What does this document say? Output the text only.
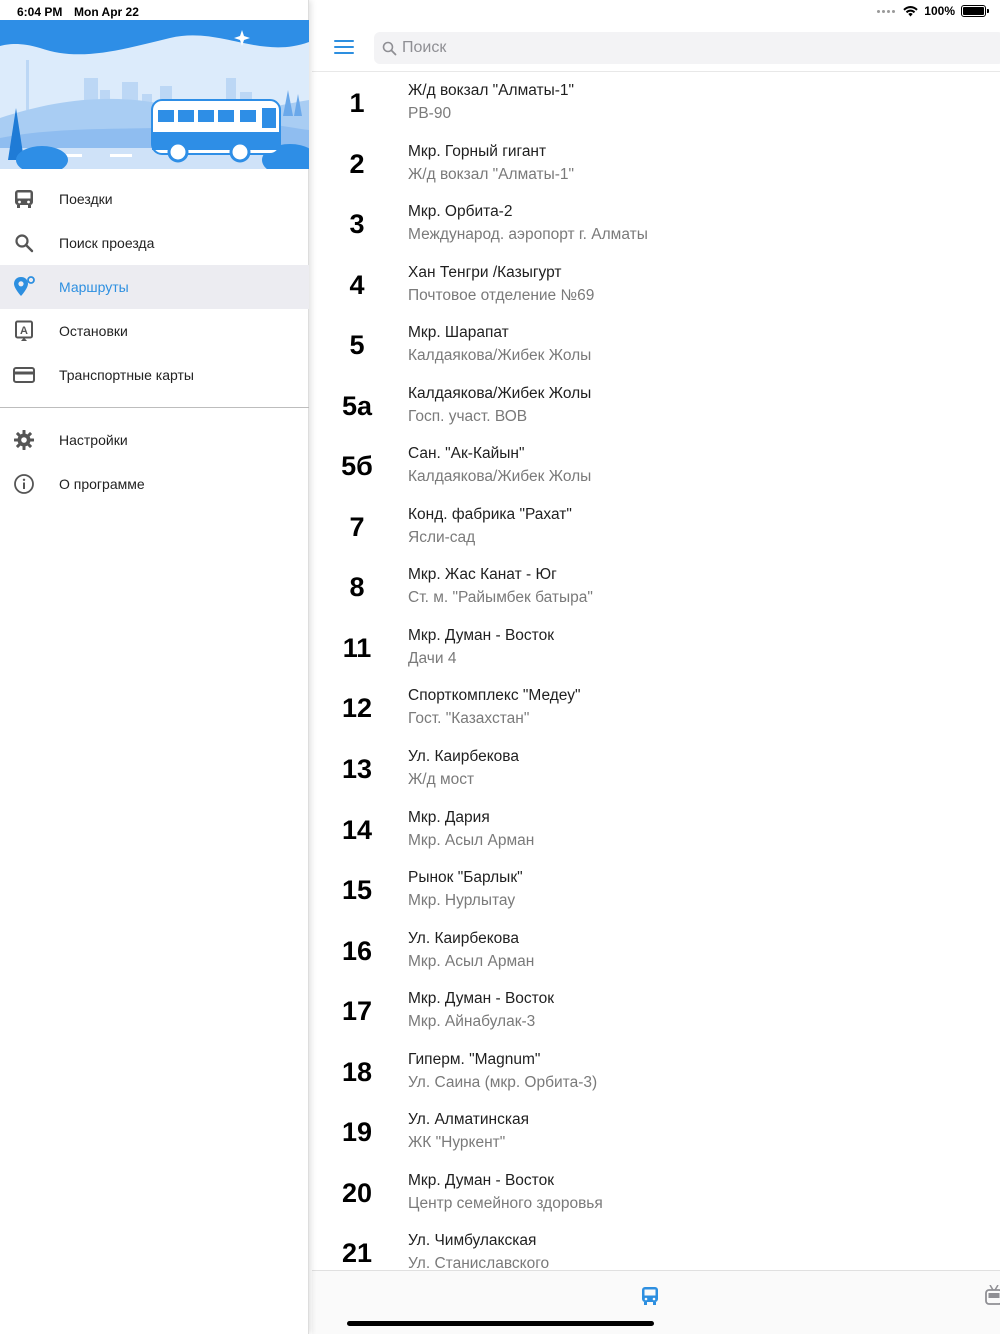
6:04 PM Mon Apr 22	100%
Поездки
Поиск проезда
Маршруты
A Остановки
Транспортные карты
Настройки
О программе
Поиск
1	Ж/д вокзал "Алматы-1"
РВ-90
2	Мкр. Горный гигант
Ж/д вокзал "Алматы-1"
3	Мкр. Орбита-2
Международ. аэропорт г. Алматы
4	Хан Тенгри /Казыгурт
Почтовое отделение №69
5	Мкр. Шарапат
Калдаякова/Жибек Жолы
5а	Калдаякова/Жибек Жолы
Госп. участ. ВОВ
5б	Сан. "Ак-Кайын"
Калдаякова/Жибек Жолы
7	Конд. фабрика "Рахат"
Ясли-сад
8	Мкр. Жас Канат - Юг
Ст. м. "Райымбек батыра"
11	Мкр. Думан - Восток
Дачи 4
12	Спорткомплекс "Медеу"
Гост. "Казахстан"
13	Ул. Каирбекова
Ж/д мост
14	Мкр. Дария
Мкр. Асыл Арман
15	Рынок "Барлык"
Мкр. Нурлытау
16	Ул. Каирбекова
Мкр. Асыл Арман
17	Мкр. Думан - Восток
Мкр. Айнабулак-3
18	Гиперм. "Magnum"
Ул. Саина (мкр. Орбита-3)
19	Ул. Алматинская
ЖК "Нуркент"
20	Мкр. Думан - Восток
Центр семейного здоровья
21	Ул. Чимбулакская
Ул. Станиславского
